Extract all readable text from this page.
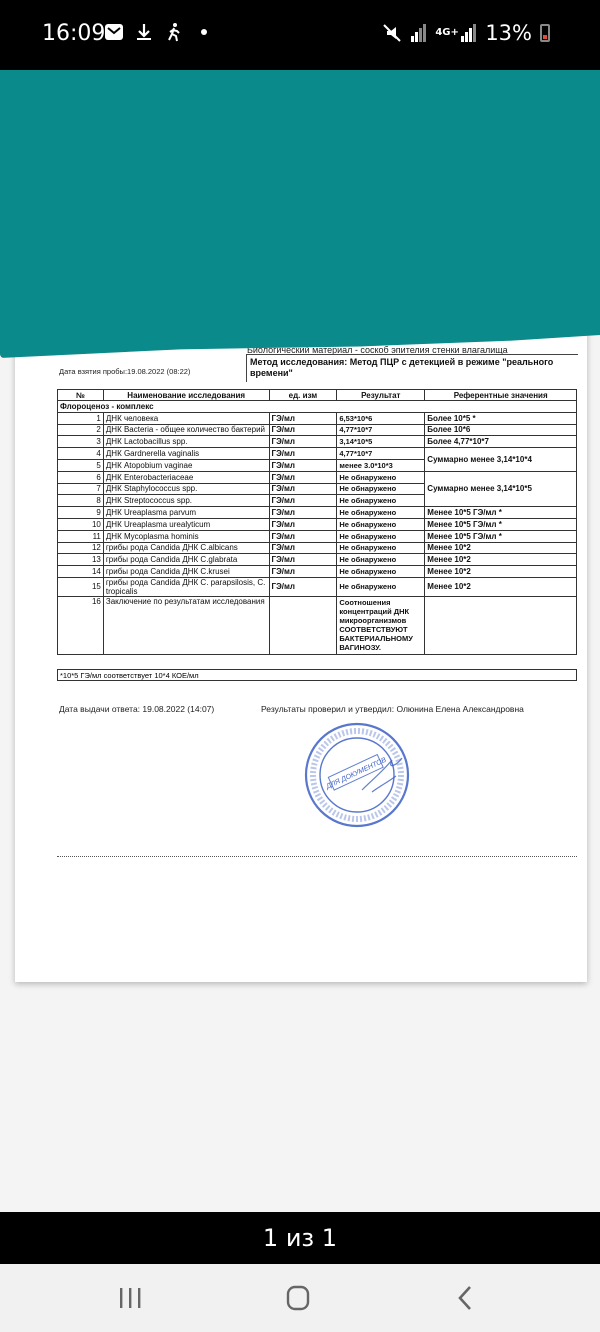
16:09	4G+ 13%
Биологический материал - соскоб эпителия стенки влагалища
Метод исследования: Метод ПЦР с детекцией в режиме "реального времени"
Дата взятия пробы:19.08.2022 (08:22)
№	Наименование исследования	ед. изм	Результат	Референтные значения
Флороценоз - комплекс				
1	ДНК человека	ГЭ/мл	6,53*10*6	Более 10*5 *
2	ДНК Bacteria - общее количество бактерий	ГЭ/мл	4,77*10*7	Более 10*6
3	ДНК Lactobacillus spp.	ГЭ/мл	3,14*10*5	Более 4,77*10*7
4	ДНК Gardnerella vaginalis	ГЭ/мл	4,77*10*7	Суммарно менее 3,14*10*4
5	ДНК Atopobium vaginae	ГЭ/мл	менее 3.0*10*3	
6	ДНК Enterobacteriaceae	ГЭ/мл	Не обнаружено	Суммарно менее 3,14*10*5
7	ДНК Staphylococcus spp.	ГЭ/мл	Не обнаружено	
8	ДНК Streptococcus spp.	ГЭ/мл	Не обнаружено	
9	ДНК Ureaplasma parvum	ГЭ/мл	Не обнаружено	Менее 10*5 ГЭ/мл *
10	ДНК Ureaplasma urealyticum	ГЭ/мл	Не обнаружено	Менее 10*5 ГЭ/мл *
11	ДНК Mycoplasma hominis	ГЭ/мл	Не обнаружено	Менее 10*5 ГЭ/мл *
12	грибы рода Candida ДНК C.albicans	ГЭ/мл	Не обнаружено	Менее 10*2
13	грибы рода Candida ДНК C.glabrata	ГЭ/мл	Не обнаружено	Менее 10*2
14	грибы рода Candida ДНК C.krusei	ГЭ/мл	Не обнаружено	Менее 10*2
15	грибы рода Candida ДНК C. parapsilosis, C. tropicalis	ГЭ/мл	Не обнаружено	Менее 10*2
16	Заключение по результатам исследования		Соотношения концентраций ДНК микроорганизмов СООТВЕТСТВУЮТ БАКТЕРИАЛЬНОМУ ВАГИНОЗУ.	
*10*5 ГЭ/мл соответствует 10*4 КОЕ/мл
Дата выдачи ответа: 19.08.2022 (14:07)	Результаты проверил и утвердил: Олюнина Елена Александровна
ДЛЯ ДОКУМЕНТОВ
1 из 1
